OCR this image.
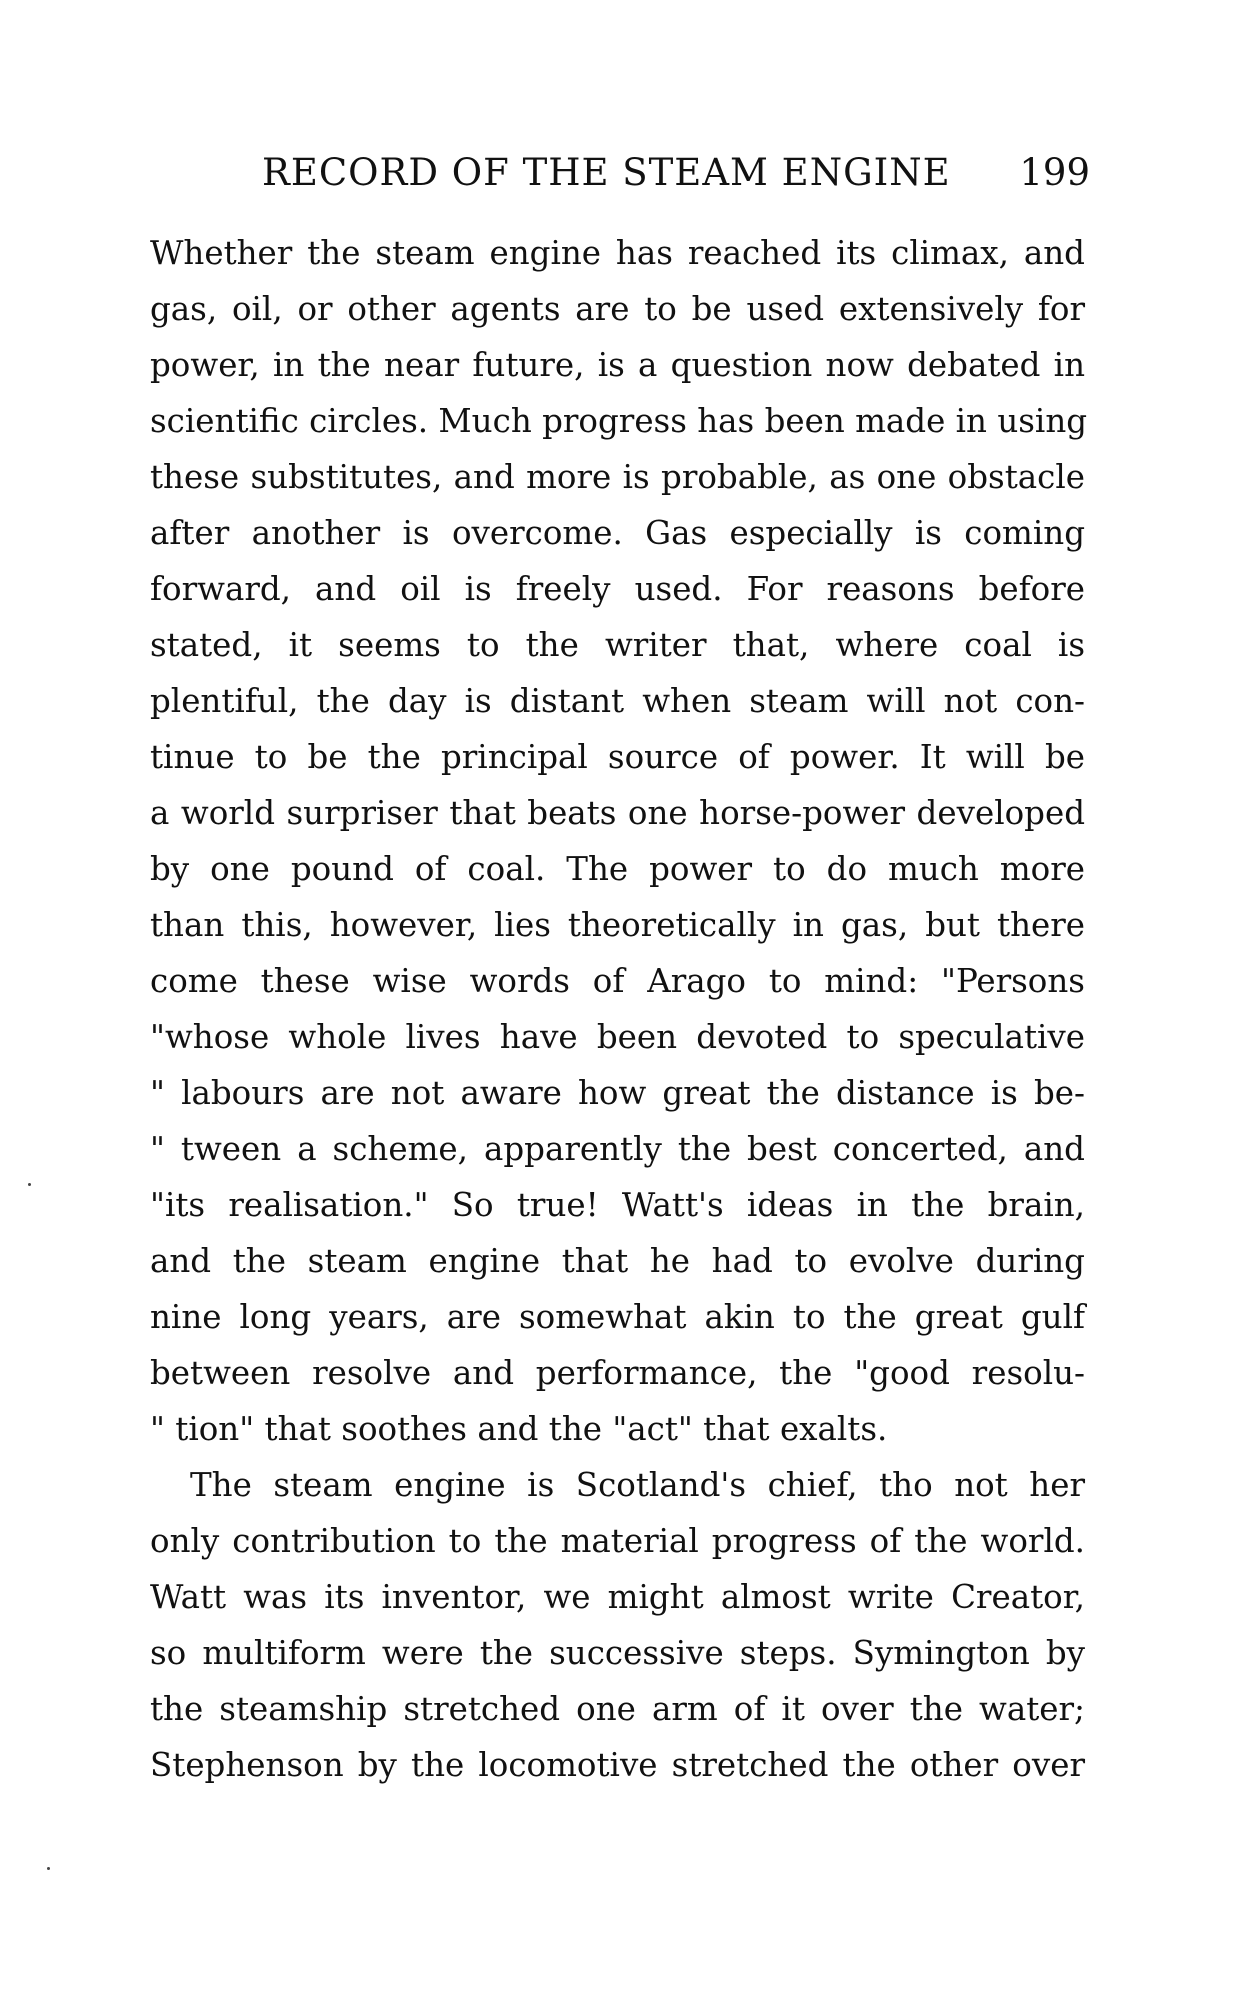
RECORD OF THE STEAM ENGINE 199
Whether the steam engine has reached its climax, and
gas, oil, or other agents are to be used extensively for
power, in the near future, is a question now debated in
scientific circles. Much progress has been made in using
these substitutes, and more is probable, as one obstacle
after another is overcome. Gas especially is coming
forward, and oil is freely used. For reasons before
stated, it seems to the writer that, where coal is
plentiful, the day is distant when steam will not con-
tinue to be the principal source of power. It will be
a world surpriser that beats one horse-power developed
by one pound of coal. The power to do much more
than this, however, lies theoretically in gas, but there
come these wise words of Arago to mind: "Persons
"whose whole lives have been devoted to speculative
" labours are not aware how great the distance is be-
" tween a scheme, apparently the best concerted, and
"its realisation." So true! Watt's ideas in the brain,
and the steam engine that he had to evolve during
nine long years, are somewhat akin to the great gulf
between resolve and performance, the "good resolu-
" tion" that soothes and the "act" that exalts.
The steam engine is Scotland's chief, tho not her
only contribution to the material progress of the world.
Watt was its inventor, we might almost write Creator,
so multiform were the successive steps. Symington by
the steamship stretched one arm of it over the water;
Stephenson by the locomotive stretched the other over
